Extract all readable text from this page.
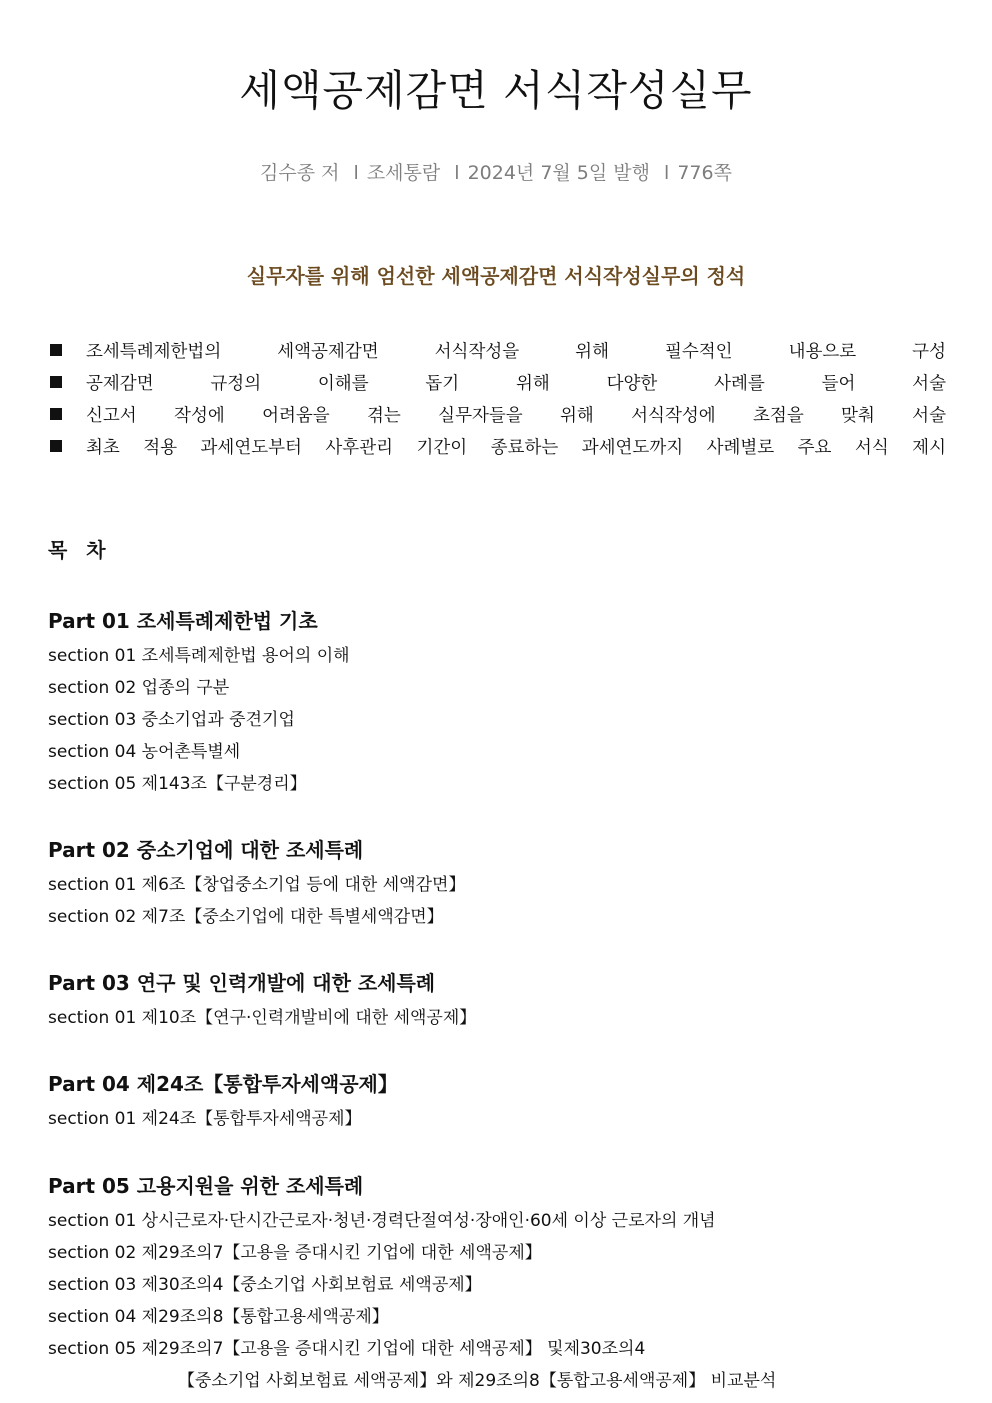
세액공제감면 서식작성실무
김수종 저 l 조세통람 l 2024년 7월 5일 발행 l 776쪽
실무자를 위해 엄선한 세액공제감면 서식작성실무의 정석
조세특례제한법의 세액공제감면 서식작성을 위해 필수적인 내용으로 구성
공제감면 규정의 이해를 돕기 위해 다양한 사례를 들어 서술
신고서 작성에 어려움을 겪는 실무자들을 위해 서식작성에 초점을 맞춰 서술
최초 적용 과세연도부터 사후관리 기간이 종료하는 과세연도까지 사례별로 주요 서식 제시
목 차
Part 01 조세특례제한법 기초
section 01 조세특례제한법 용어의 이해
section 02 업종의 구분
section 03 중소기업과 중견기업
section 04 농어촌특별세
section 05 제143조【구분경리】
Part 02 중소기업에 대한 조세특례
section 01 제6조【창업중소기업 등에 대한 세액감면】
section 02 제7조【중소기업에 대한 특별세액감면】
Part 03 연구 및 인력개발에 대한 조세특례
section 01 제10조【연구·인력개발비에 대한 세액공제】
Part 04 제24조【통합투자세액공제】
section 01 제24조【통합투자세액공제】
Part 05 고용지원을 위한 조세특례
section 01 상시근로자·단시간근로자·청년·경력단절여성·장애인·60세 이상 근로자의 개념
section 02 제29조의7【고용을 증대시킨 기업에 대한 세액공제】
section 03 제30조의4【중소기업 사회보험료 세액공제】
section 04 제29조의8【통합고용세액공제】
section 05 제29조의7【고용을 증대시킨 기업에 대한 세액공제】 및제30조의4
【중소기업 사회보험료 세액공제】와 제29조의8【통합고용세액공제】 비교분석
